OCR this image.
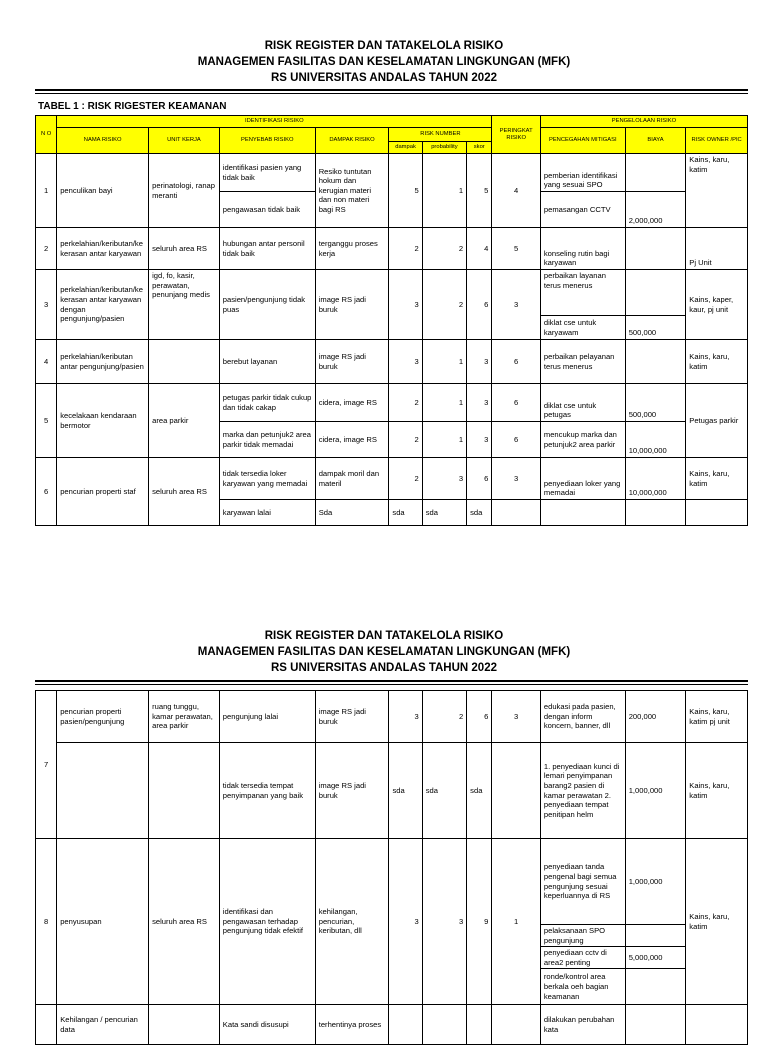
RISK REGISTER DAN TATAKELOLA RISIKO
MANAGEMEN FASILITAS DAN KESELAMATAN LINGKUNGAN (MFK)
RS UNIVERSITAS ANDALAS TAHUN 2022
TABEL 1 : RISK RIGESTER KEAMANAN
N O	IDENTIFIKASI RISIKO							PERINGKAT RISIKO	PENGELOLAAN RISIKO		
	NAMA RISIKO	UNIT KERJA	PENYEBAB RISIKO	DAMPAK RISIKO	RISK NUMBER				PENCEGAHAN MITIGASI	BIAYA	RISK OWNER /PIC
					dampak	probability	skor				
1	penculikan bayi	perinatologi, ranap meranti	identifikasi pasien yang tidak baik	Resiko tuntutan hokum dan kerugian materi dan non materi bagi RS	5	1	5	4	pemberian identifikasi yang sesuai SPO		Kains, karu, katim
			pengawasan tidak baik						pemasangan CCTV	2,000,000	
2	perkelahian/keributan/kekerasan antar karyawan	seluruh area RS	hubungan antar personil tidak baik	terganggu proses kerja	2	2	4	5	konseling rutin bagi karyawan		Pj Unit
3	perkelahian/keributan/kekerasan antar karyawan dengan pengunjung/pasien	igd, fo, kasir, perawatan, penunjang medis	pasien/pengunjung tidak puas	image RS jadi buruk	3	2	6	3	perbaikan layanan terus menerus		Kains, kaper, kaur, pj unit
									diklat cse untuk karyawam	500,000	
4	perkelahian/keributan antar pengunjung/pasien		berebut layanan	image RS jadi buruk	3	1	3	6	perbaikan pelayanan terus menerus		Kains, karu, katim
5	kecelakaan kendaraan bermotor	area parkir	petugas parkir tidak cukup dan tidak cakap	cidera, image RS	2	1	3	6	diklat cse untuk petugas	500,000	Petugas parkir
			marka dan petunjuk2 area parkir tidak memadai	cidera, image RS	2	1	3	6	mencukup marka dan petunjuk2 area parkir	10,000,000	
6	pencurian properti staf	seluruh area RS	tidak tersedia loker karyawan yang memadai	dampak moril dan materil	2	3	6	3	penyediaan loker yang memadai	10,000,000	Kains, karu, katim
			karyawan lalai	Sda	sda	sda	sda				
RISK REGISTER DAN TATAKELOLA RISIKO
MANAGEMEN FASILITAS DAN KESELAMATAN LINGKUNGAN (MFK)
RS UNIVERSITAS ANDALAS TAHUN 2022
7	pencurian properti pasien/pengunjung	ruang tunggu, kamar perawatan, area parkir	pengunjung lalai	image RS jadi buruk	3	2	6	3	edukasi pada pasien, dengan inform koncern, banner, dll	200,000	Kains, karu, katim pj unit
			tidak tersedia tempat penyimpanan yang baik	image RS jadi buruk	sda	sda	sda		1. penyediaan kunci di lemari penyimpanan barang2 pasien di kamar perawatan 2. penyediaan tempat penitipan helm	1,000,000	Kains, karu, katim
8	penyusupan	seluruh area RS	identifikasi dan pengawasan terhadap pengunjung tidak efektif	kehilangan, pencurian, keributan, dll	3	3	9	1	penyediaan tanda pengenal bagi semua pengunjung sesuai keperluannya di RS	1,000,000	Kains, karu, katim
									pelaksanaan SPO pengunjung		
									penyediaan cctv di area2 penting	5,000,000	
									ronde/kontrol area berkala oeh bagian keamanan		
	Kehilangan / pencurian data		Kata sandi disusupi	terhentinya proses					dilakukan perubahan kata		
